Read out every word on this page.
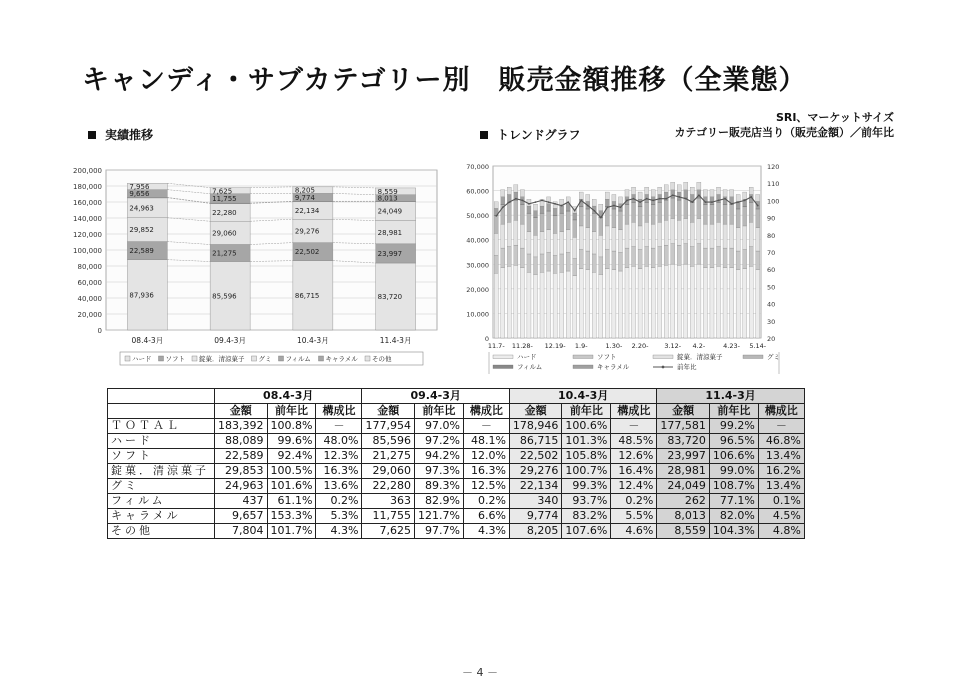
キャンディ・サブカテゴリー別　販売金額推移（全業態）
SRI、マーケットサイズ
カテゴリー販売店当り（販売金額）／前年比
実績推移	トレンドグラフ
200,000
180,000
160,000
140,000
120,000
100,000
80,000
60,000
40,000
20,000
0
87,936
22,589
29,852
24,963
9,656
7,956
08.4-3月
85,596
21,275
29,060
22,280
11,755
7,625
09.4-3月
86,715
22,502
29,276
22,134
9,774
8,205
10.4-3月
83,720
23,997
28,981
24,049
8,013
8,559
11.4-3月
ハード ソフト 錠菓．清涼菓子 グミ フィルム キャラメル その他
70,000
60,000
50,000
40,000
30,000
20,000
10,000
0
120
110
100
90
80
70
60
50
40
30
20
11.7- 11.28- 12.19- 1.9-	1.30- 2.20- 3.12- 4.2-	4.23- 5.14-
ハード	ソフト	錠菓．清涼菓子	グミ
フィルム	キャラメル	前年比
	08.4-3月			09.4-3月			10.4-3月			11.4-3月		
	金額	前年比	構成比	金額	前年比	構成比	金額	前年比	構成比	金額	前年比	構成比
ＴＯＴＡＬ	183,392	100.8%	－	177,954	97.0%	－	178,946	100.6%	－	177,581	99.2%	－
ハード	88,089	99.6%	48.0%	85,596	97.2%	48.1%	86,715	101.3%	48.5%	83,720	96.5%	46.8%
ソフト	22,589	92.4%	12.3%	21,275	94.2%	12.0%	22,502	105.8%	12.6%	23,997	106.6%	13.4%
錠菓．清涼菓子	29,853	100.5%	16.3%	29,060	97.3%	16.3%	29,276	100.7%	16.4%	28,981	99.0%	16.2%
グミ	24,963	101.6%	13.6%	22,280	89.3%	12.5%	22,134	99.3%	12.4%	24,049	108.7%	13.4%
フィルム	437	61.1%	0.2%	363	82.9%	0.2%	340	93.7%	0.2%	262	77.1%	0.1%
キャラメル	9,657	153.3%	5.3%	11,755	121.7%	6.6%	9,774	83.2%	5.5%	8,013	82.0%	4.5%
その他	7,804	101.7%	4.3%	7,625	97.7%	4.3%	8,205	107.6%	4.6%	8,559	104.3%	4.8%
－ 4 －
